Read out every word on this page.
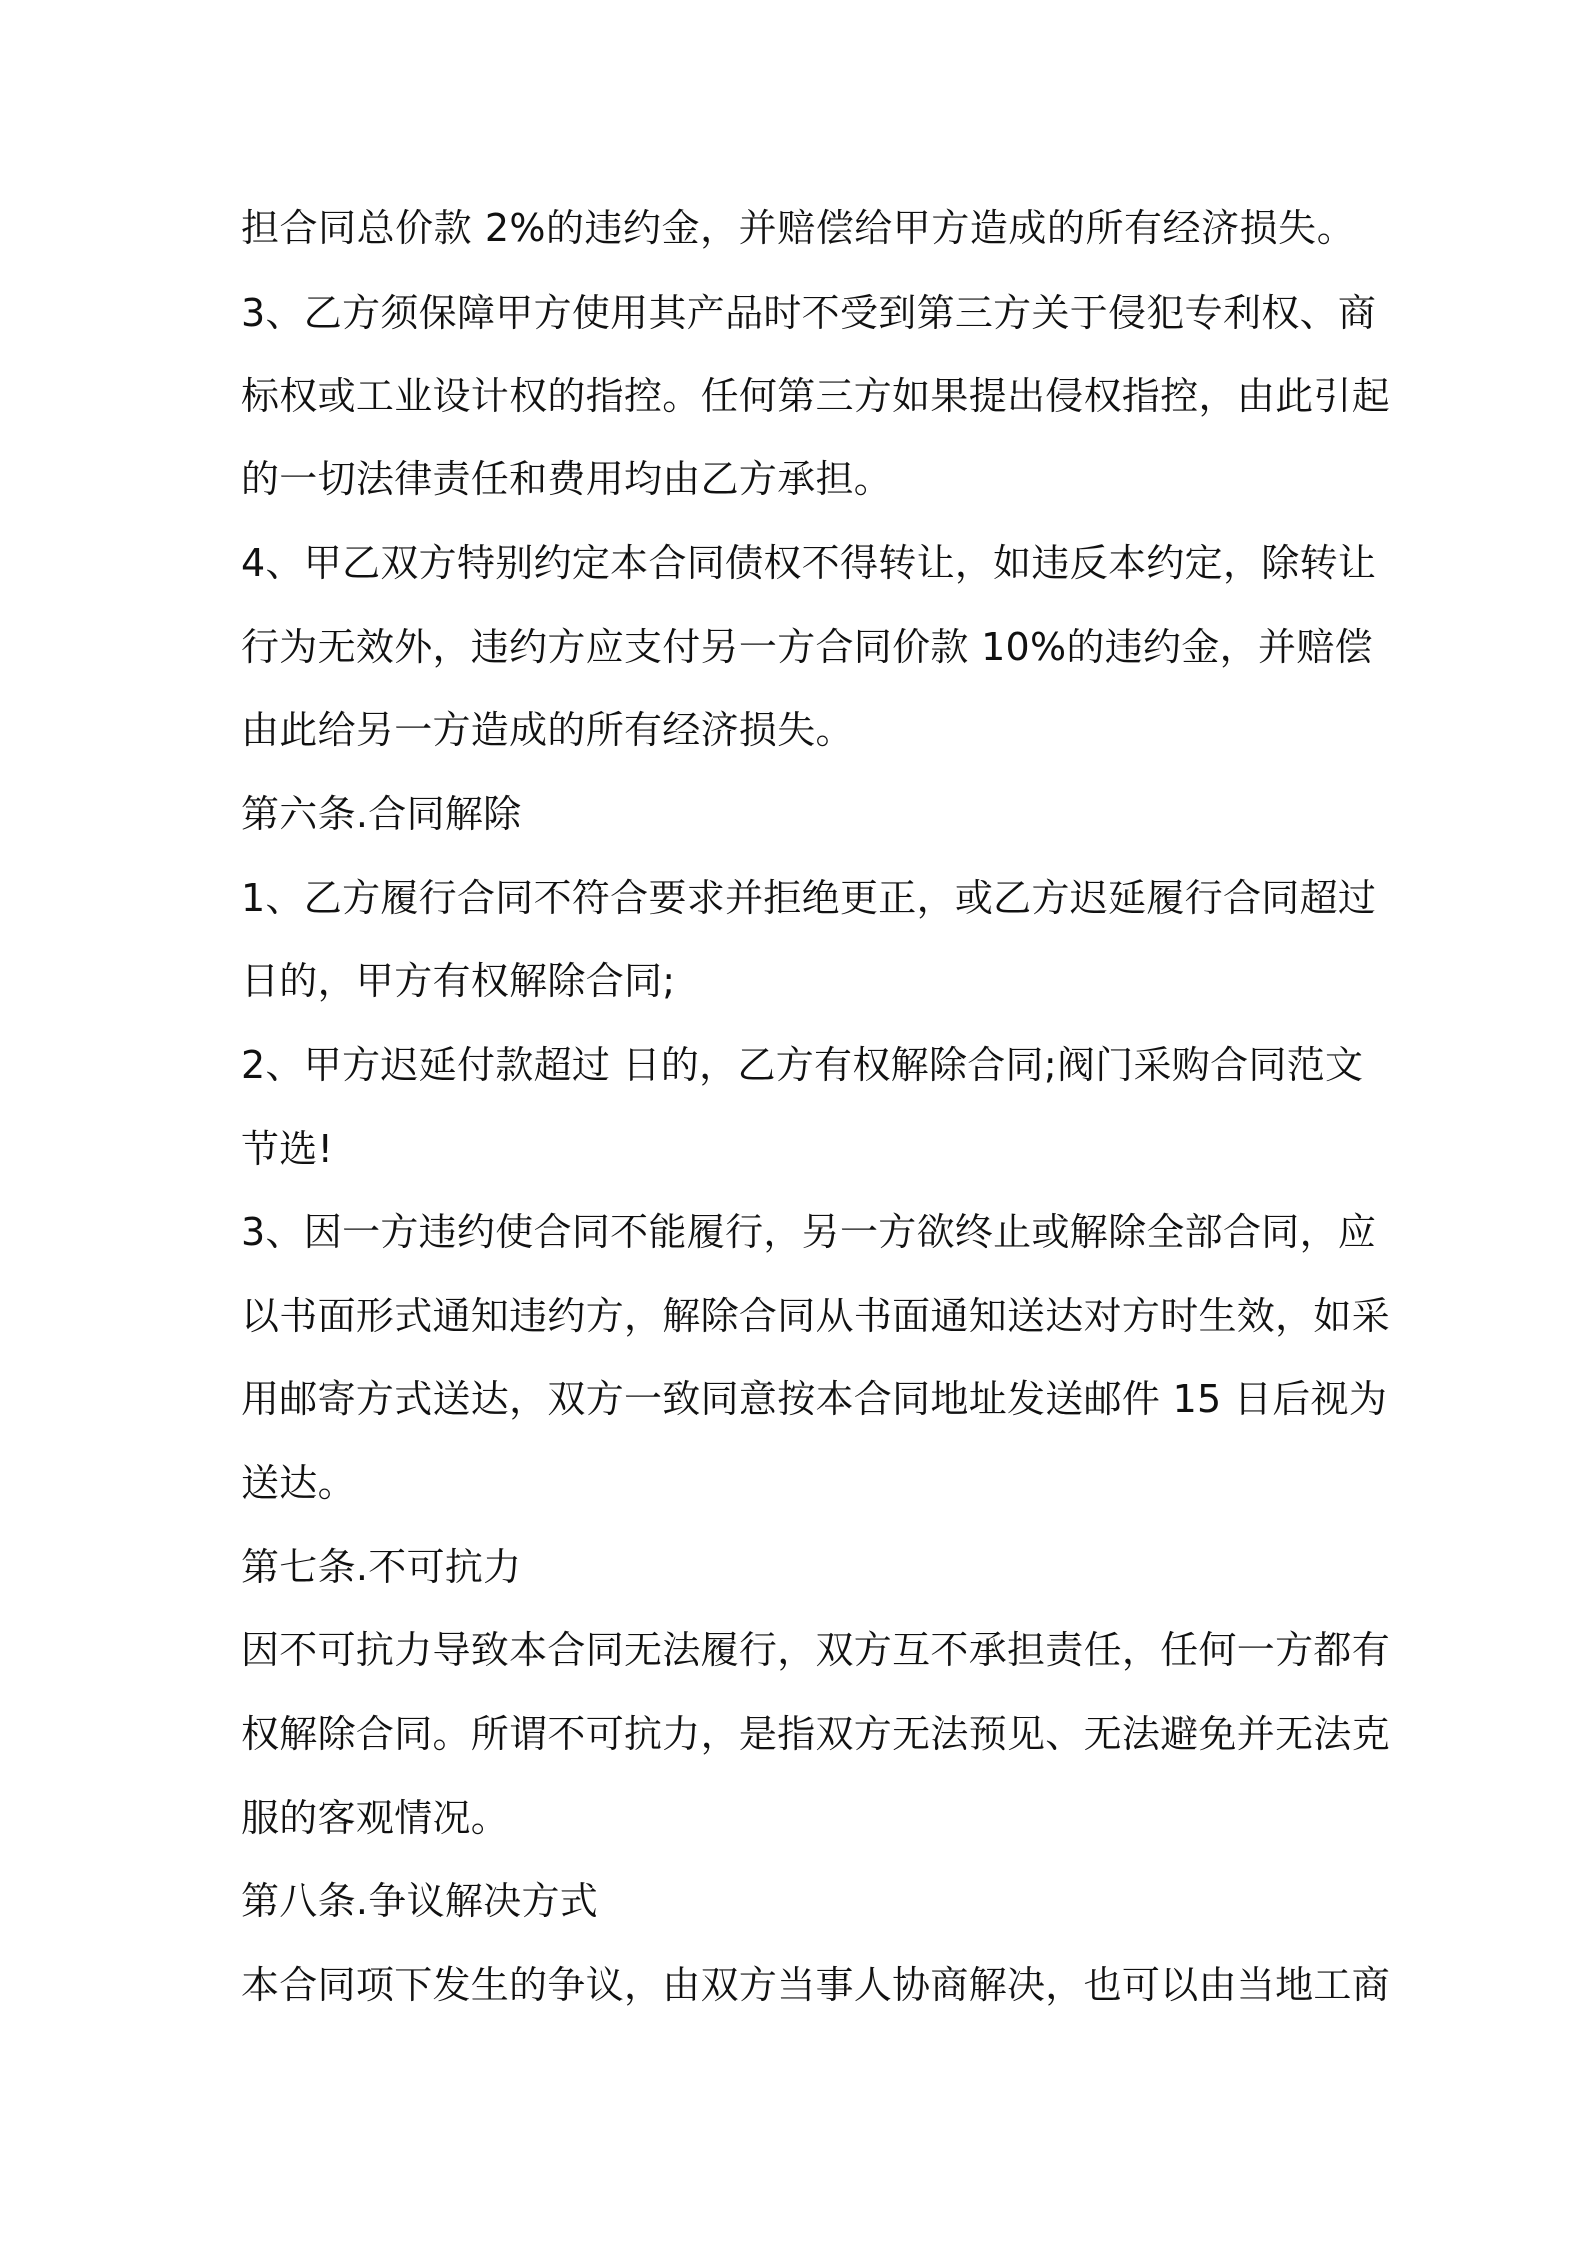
担合同总价款 2%的违约金，并赔偿给甲方造成的所有经济损失。
3、乙方须保障甲方使用其产品时不受到第三方关于侵犯专利权、商
标权或工业设计权的指控。任何第三方如果提出侵权指控，由此引起
的一切法律责任和费用均由乙方承担。
4、甲乙双方特别约定本合同债权不得转让，如违反本约定，除转让
行为无效外，违约方应支付另一方合同价款 10%的违约金，并赔偿
由此给另一方造成的所有经济损失。
第六条.合同解除
1、乙方履行合同不符合要求并拒绝更正，或乙方迟延履行合同超过
日的，甲方有权解除合同;
2、甲方迟延付款超过 日的，乙方有权解除合同;阀门采购合同范文
节选!
3、因一方违约使合同不能履行，另一方欲终止或解除全部合同，应
以书面形式通知违约方，解除合同从书面通知送达对方时生效，如采
用邮寄方式送达，双方一致同意按本合同地址发送邮件 15 日后视为
送达。
第七条.不可抗力
因不可抗力导致本合同无法履行，双方互不承担责任，任何一方都有
权解除合同。所谓不可抗力，是指双方无法预见、无法避免并无法克
服的客观情况。
第八条.争议解决方式
本合同项下发生的争议，由双方当事人协商解决，也可以由当地工商
